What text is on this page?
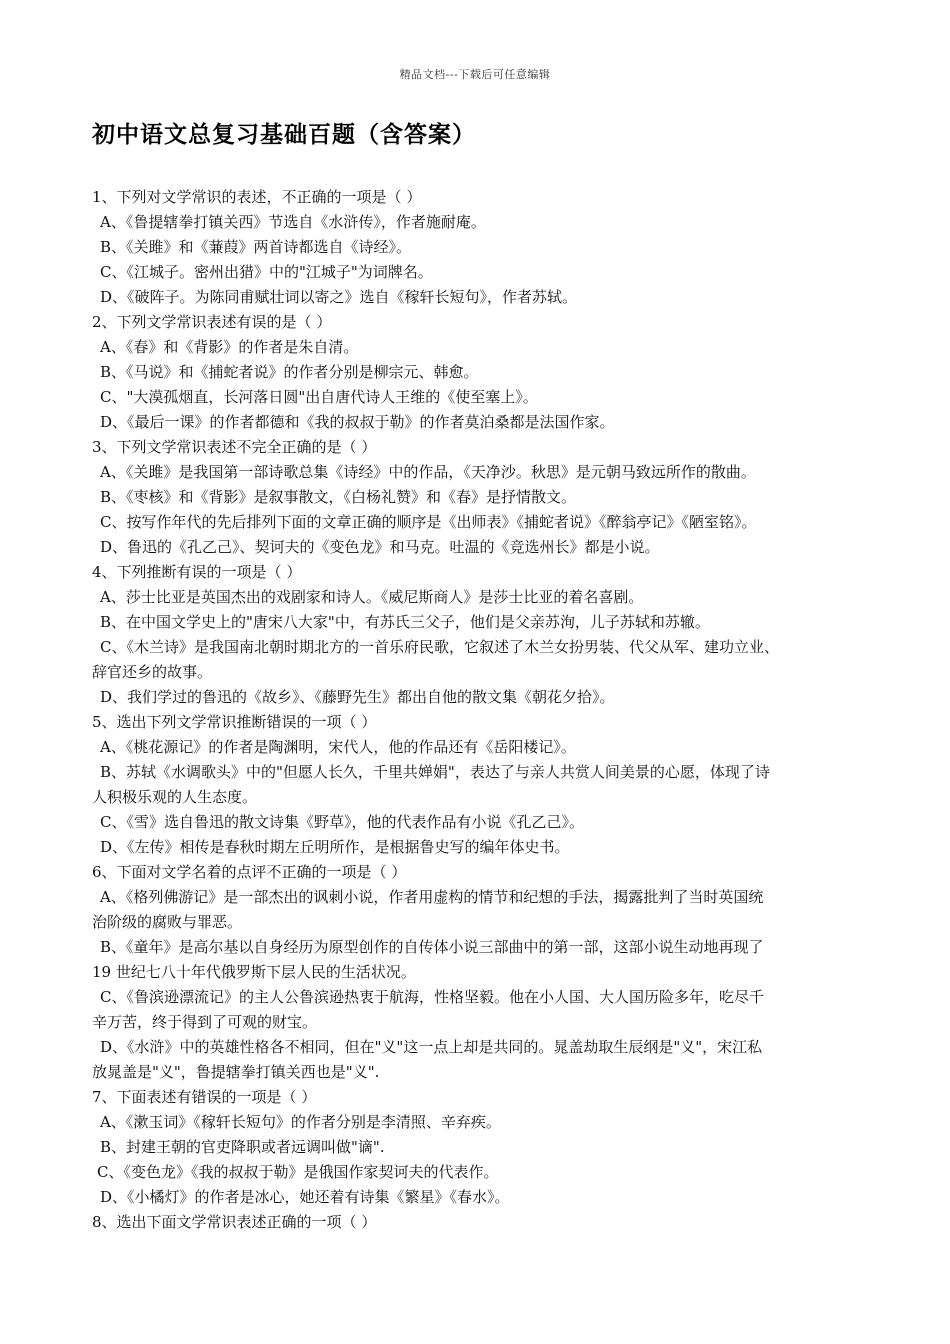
精品文档---下载后可任意编辑
初中语文总复习基础百题（含答案）
1、下列对文学常识的表述，不正确的一项是（ ）
A、《鲁提辖拳打镇关西》节选自《水浒传》，作者施耐庵。
B、《关雎》和《蒹葭》两首诗都选自《诗经》。
C、《江城子。密州出猎》中的"江城子"为词牌名。
D、《破阵子。为陈同甫赋壮词以寄之》选自《稼轩长短句》，作者苏轼。
2、下列文学常识表述有误的是（ ）
A、《春》和《背影》的作者是朱自清。
B、《马说》和《捕蛇者说》的作者分别是柳宗元、韩愈。
C、"大漠孤烟直，长河落日圆"出自唐代诗人王维的《使至塞上》。
D、《最后一课》的作者都德和《我的叔叔于勒》的作者莫泊桑都是法国作家。
3、下列文学常识表述不完全正确的是（ ）
A、《关雎》是我国第一部诗歌总集《诗经》中的作品，《天净沙。秋思》是元朝马致远所作的散曲。
B、《枣核》和《背影》是叙事散文，《白杨礼赞》和《春》是抒情散文。
C、按写作年代的先后排列下面的文章正确的顺序是《出师表》《捕蛇者说》《醉翁亭记》《陋室铭》。
D、鲁迅的《孔乙己》、契诃夫的《变色龙》和马克。吐温的《竞选州长》都是小说。
4、下列推断有误的一项是（ ）
A、莎士比亚是英国杰出的戏剧家和诗人。《威尼斯商人》是莎士比亚的着名喜剧。
B、在中国文学史上的"唐宋八大家"中，有苏氏三父子，他们是父亲苏洵，儿子苏轼和苏辙。
C、《木兰诗》是我国南北朝时期北方的一首乐府民歌，它叙述了木兰女扮男装、代父从军、建功立业、
辞官还乡的故事。
D、我们学过的鲁迅的《故乡》、《藤野先生》都出自他的散文集《朝花夕拾》。
5、选出下列文学常识推断错误的一项（ ）
A、《桃花源记》的作者是陶渊明，宋代人，他的作品还有《岳阳楼记》。
B、苏轼《水调歌头》中的"但愿人长久，千里共婵娟"，表达了与亲人共赏人间美景的心愿，体现了诗
人积极乐观的人生态度。
C、《雪》选自鲁迅的散文诗集《野草》，他的代表作品有小说《孔乙己》。
D、《左传》相传是春秋时期左丘明所作，是根据鲁史写的编年体史书。
6、下面对文学名着的点评不正确的一项是（ ）
A、《格列佛游记》是一部杰出的讽刺小说，作者用虚构的情节和纪想的手法，揭露批判了当时英国统
治阶级的腐败与罪恶。
B、《童年》是高尔基以自身经历为原型创作的自传体小说三部曲中的第一部，这部小说生动地再现了
19 世纪七八十年代俄罗斯下层人民的生活状况。
C、《鲁滨逊漂流记》的主人公鲁滨逊热衷于航海，性格坚毅。他在小人国、大人国历险多年，吃尽千
辛万苦，终于得到了可观的财宝。
D、《水浒》中的英雄性格各不相同，但在"义"这一点上却是共同的。晁盖劫取生辰纲是"义"，宋江私
放晁盖是"义"，鲁提辖拳打镇关西也是"义".
7、下面表述有错误的一项是（ ）
A、《漱玉词》《稼轩长短句》的作者分别是李清照、辛弃疾。
B、封建王朝的官吏降职或者远调叫做"谪".
C、《变色龙》《我的叔叔于勒》是俄国作家契诃夫的代表作。
D、《小橘灯》的作者是冰心，她还着有诗集《繁星》《春水》。
8、选出下面文学常识表述正确的一项（ ）
